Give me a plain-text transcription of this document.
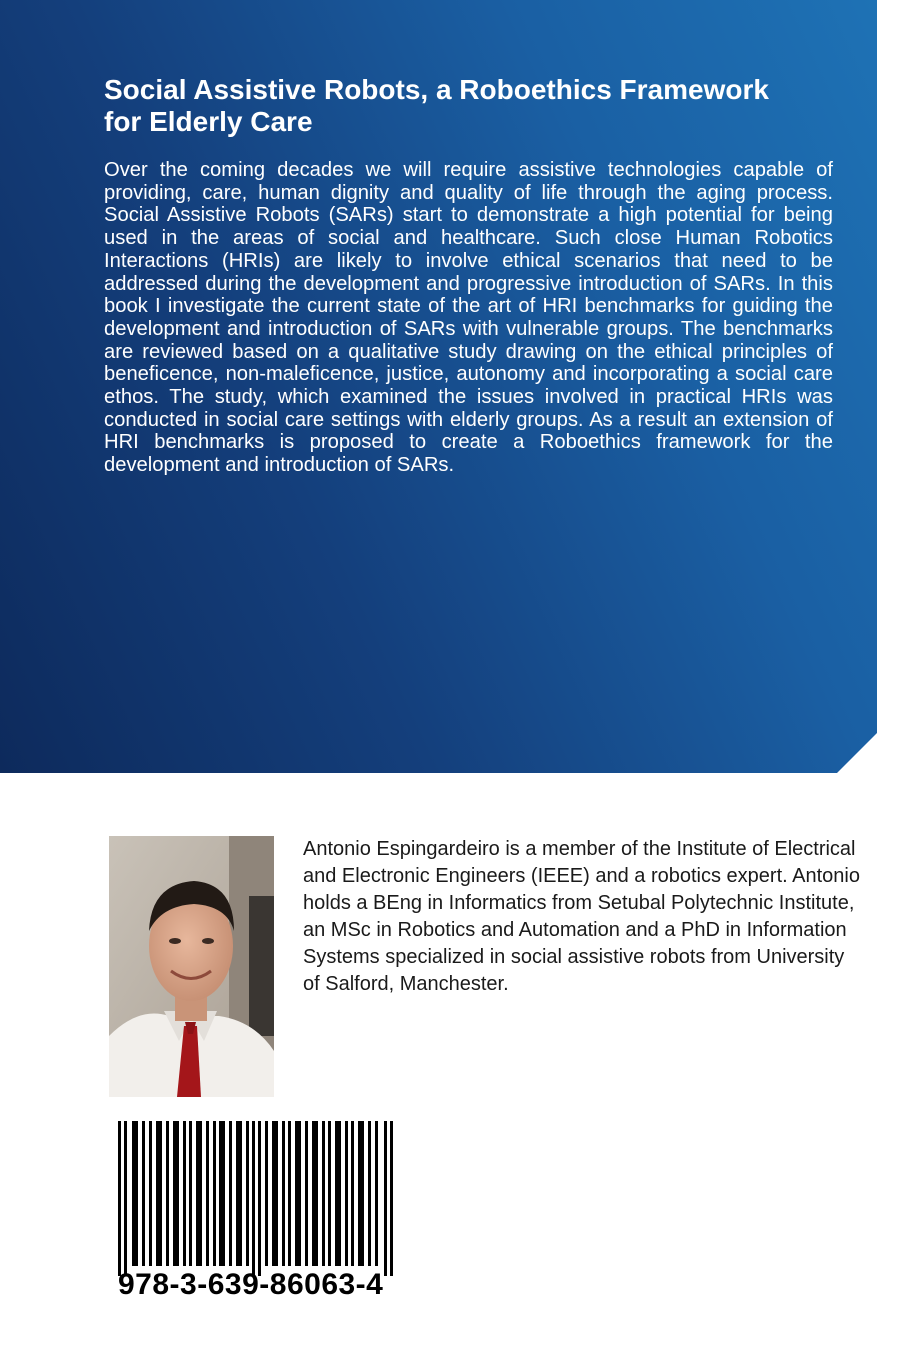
Social Assistive Robots, a Roboethics Framework for Elderly Care

Over the coming decades we will require assistive technologies capable of providing, care, human dignity and quality of life through the aging process. Social Assistive Robots (SARs) start to demonstrate a high potential for being used in the areas of social and healthcare. Such close Human Robotics Interactions (HRIs) are likely to involve ethical scenarios that need to be addressed during the development and progressive introduction of SARs. In this book I investigate the current state of the art of HRI benchmarks for guiding the development and introduction of SARs with vulnerable groups. The benchmarks are reviewed based on a qualitative study drawing on the ethical principles of beneficence, non-maleficence, justice, autonomy and incorporating a social care ethos. The study, which examined the issues involved in practical HRIs was conducted in social care settings with elderly groups. As a result an extension of HRI benchmarks is proposed to create a Roboethics framework for the development and introduction of SARs.

Antonio Espingardeiro is a member of the Institute of Electrical and Electronic Engineers (IEEE) and a robotics expert. Antonio holds a BEng in Informatics from Setubal Polytechnic Institute, an MSc in Robotics and Automation and a PhD in Information Systems specialized in social assistive robots from University of Salford, Manchester.

978-3-639-86063-4
